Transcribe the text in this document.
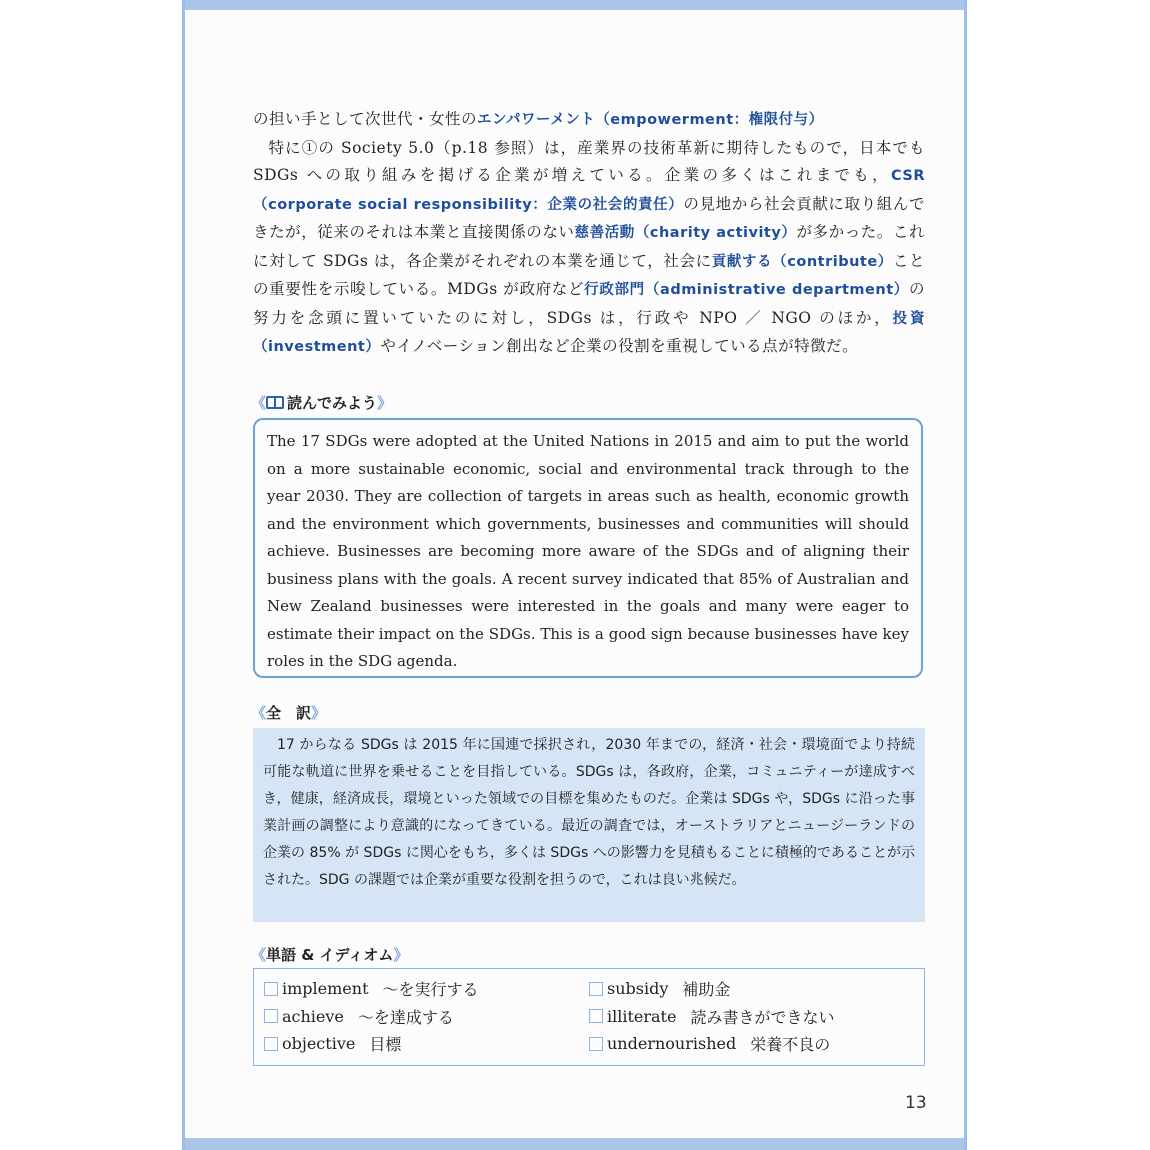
の担い手として次世代・女性のエンパワーメント（empowerment：権限付与）

特に①の Society 5.0（p.18 参照）は，産業界の技術革新に期待したもので，日本でも SDGs への取り組みを掲げる企業が増えている。企業の多くはこれまでも，CSR（corporate social responsibility：企業の社会的責任）の見地から社会貢献に取り組んできたが，従来のそれは本業と直接関係のない慈善活動（charity activity）が多かった。これに対して SDGs は，各企業がそれぞれの本業を通じて，社会に貢献する（contribute）ことの重要性を示唆している。MDGs が政府など行政部門（administrative department）の努力を念頭に置いていたのに対し，SDGs は，行政や NPO ／ NGO のほか，投資（investment）やイノベーション創出など企業の役割を重視している点が特徴だ。

《 読んでみよう》

The 17 SDGs were adopted at the United Nations in 2015 and aim to put the world on a more sustainable economic, social and environmental track through to the year 2030. They are collection of targets in areas such as health, economic growth and the environment which governments, businesses and communities will should achieve. Businesses are becoming more aware of the SDGs and of aligning their business plans with the goals. A recent survey indicated that 85% of Australian and New Zealand businesses were interested in the goals and many were eager to estimate their impact on the SDGs. This is a good sign because businesses have key roles in the SDG agenda.

《全　訳》

17 からなる SDGs は 2015 年に国連で採択され，2030 年までの，経済・社会・環境面でより持続可能な軌道に世界を乗せることを目指している。SDGs は，各政府，企業，コミュニティーが達成すべき，健康，経済成長，環境といった領域での目標を集めたものだ。企業は SDGs や，SDGs に沿った事業計画の調整により意識的になってきている。最近の調査では，オーストラリアとニュージーランドの企業の 85% が SDGs に関心をもち，多くは SDGs への影響力を見積もることに積極的であることが示された。SDG の課題では企業が重要な役割を担うので，これは良い兆候だ。

《単語 & イディオム》
implement ～を実行する
achieve ～を達成する
objective 目標
subsidy 補助金
illiterate 読み書きができない
undernourished 栄養不良の
13
